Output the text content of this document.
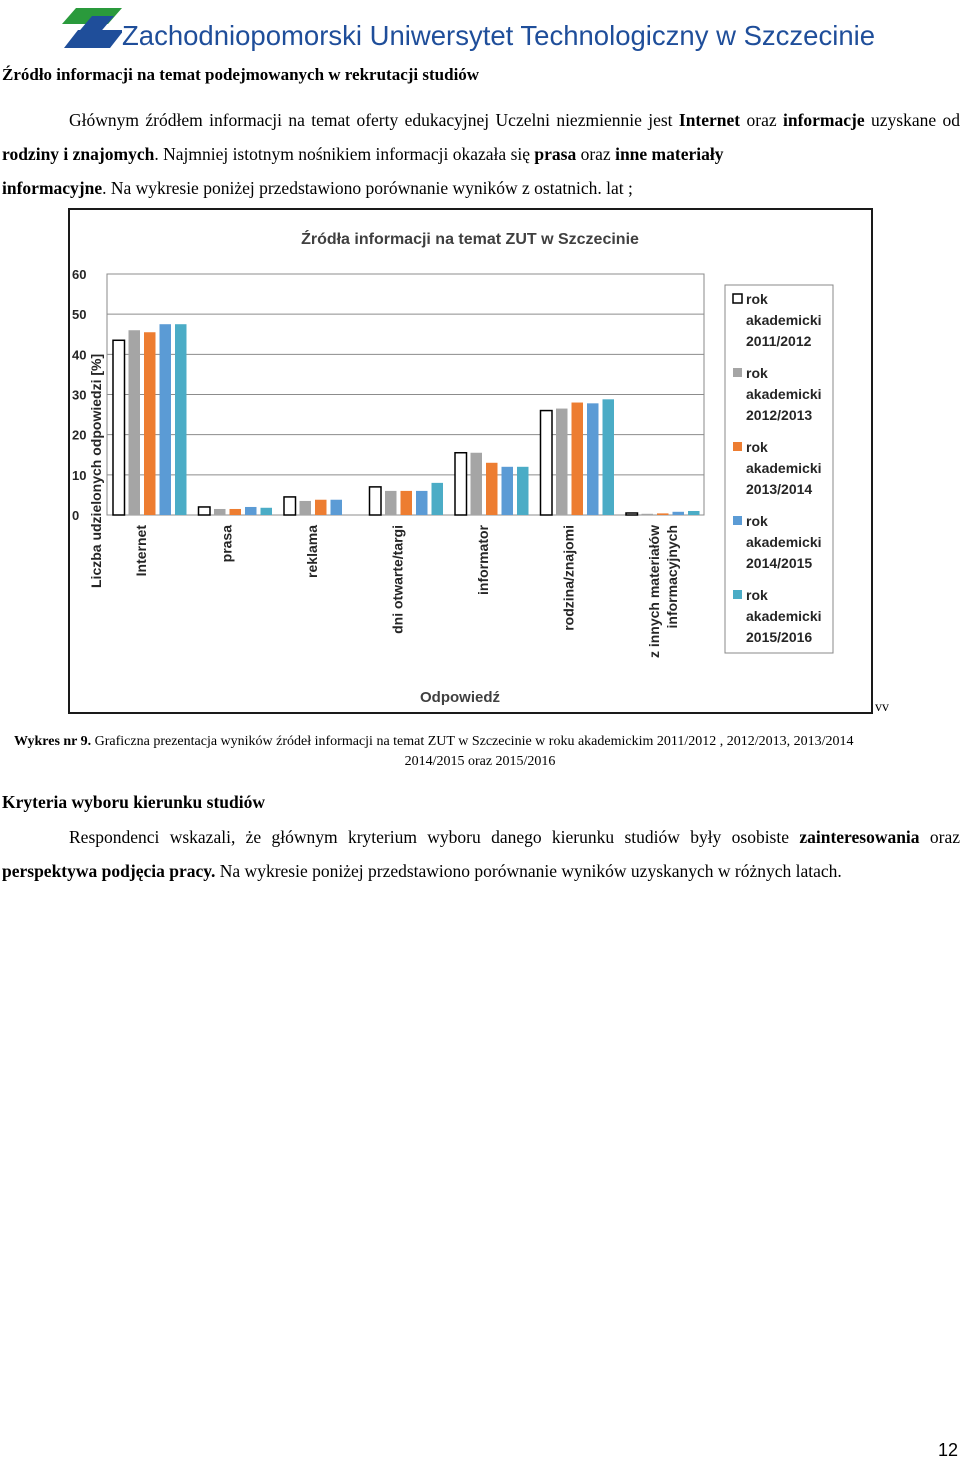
Zachodniopomorski Uniwersytet Technologiczny w Szczecinie
Źródło informacji na temat podejmowanych w rekrutacji studiów
Głównym źródłem informacji na temat oferty edukacyjnej Uczelni niezmiennie jest Internet oraz informacje uzyskane od rodziny i znajomych. Najmniej istotnym nośnikiem informacji okazała się prasa oraz inne materiały
informacyjne. Na wykresie poniżej przedstawiono porównanie wyników z ostatnich. lat ;
Źródła informacji na temat ZUT w Szczecinie
0
10
20
30
40
50
60
Liczba udzielonych odpowiedzi [%] Internet	prasa	reklama	dni otwarte/targi	informator	rodzina/znajomi	z innych materiałów informacyjnych
Odpowiedź
rok
akademicki
2011/2012
rok
akademicki
2012/2013
rok
akademicki
2013/2014
rok
akademicki
2014/2015
rok
akademicki
2015/2016
vv
Wykres nr 9. Graficzna prezentacja wyników źródeł informacji na temat ZUT w Szczecinie w roku akademickim 2011/2012 , 2012/2013, 2013/2014
2014/2015 oraz 2015/2016
Kryteria wyboru kierunku studiów
Respondenci wskazali, że głównym kryterium wyboru danego kierunku studiów były osobiste zainteresowania oraz perspektywa podjęcia pracy. Na wykresie poniżej przedstawiono porównanie wyników uzyskanych w różnych latach.
12
